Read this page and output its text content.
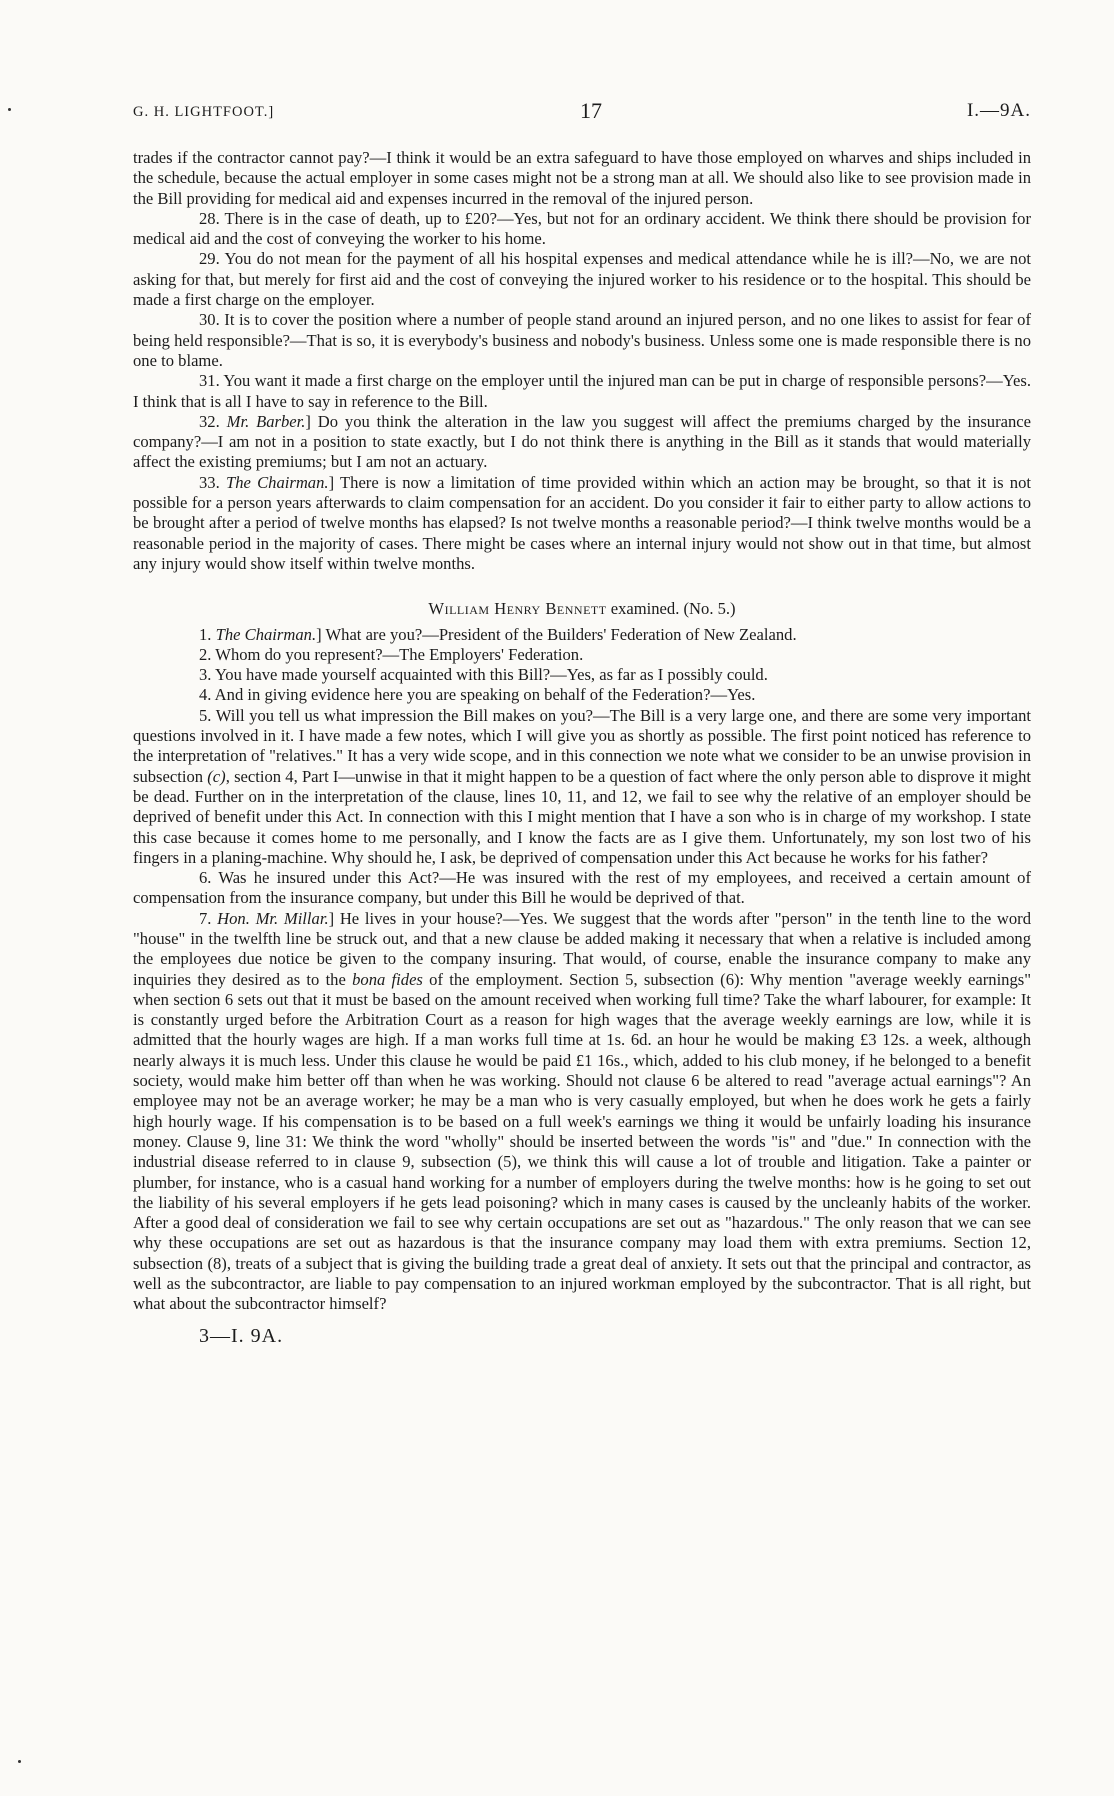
G. H. LIGHTFOOT.]	17	I.—9A.

trades if the contractor cannot pay?—I think it would be an extra safeguard to have those employed on wharves and ships included in the schedule, because the actual employer in some cases might not be a strong man at all. We should also like to see provision made in the Bill providing for medical aid and expenses incurred in the removal of the injured person.

28. There is in the case of death, up to £20?—Yes, but not for an ordinary accident. We think there should be provision for medical aid and the cost of conveying the worker to his home.

29. You do not mean for the payment of all his hospital expenses and medical attendance while he is ill?—No, we are not asking for that, but merely for first aid and the cost of conveying the injured worker to his residence or to the hospital. This should be made a first charge on the employer.

30. It is to cover the position where a number of people stand around an injured person, and no one likes to assist for fear of being held responsible?—That is so, it is everybody's business and nobody's business. Unless some one is made responsible there is no one to blame.

31. You want it made a first charge on the employer until the injured man can be put in charge of responsible persons?—Yes. I think that is all I have to say in reference to the Bill.

32. Mr. Barber.] Do you think the alteration in the law you suggest will affect the premiums charged by the insurance company?—I am not in a position to state exactly, but I do not think there is anything in the Bill as it stands that would materially affect the existing premiums; but I am not an actuary.

33. The Chairman.] There is now a limitation of time provided within which an action may be brought, so that it is not possible for a person years afterwards to claim compensation for an accident. Do you consider it fair to either party to allow actions to be brought after a period of twelve months has elapsed? Is not twelve months a reasonable period?—I think twelve months would be a reasonable period in the majority of cases. There might be cases where an internal injury would not show out in that time, but almost any injury would show itself within twelve months.

William Henry Bennett examined. (No. 5.)

1. The Chairman.] What are you?—President of the Builders' Federation of New Zealand.

2. Whom do you represent?—The Employers' Federation.

3. You have made yourself acquainted with this Bill?—Yes, as far as I possibly could.

4. And in giving evidence here you are speaking on behalf of the Federation?—Yes.

5. Will you tell us what impression the Bill makes on you?—The Bill is a very large one, and there are some very important questions involved in it. I have made a few notes, which I will give you as shortly as possible. The first point noticed has reference to the interpretation of "relatives." It has a very wide scope, and in this connection we note what we consider to be an unwise provision in subsection (c), section 4, Part I—unwise in that it might happen to be a question of fact where the only person able to disprove it might be dead. Further on in the interpretation of the clause, lines 10, 11, and 12, we fail to see why the relative of an employer should be deprived of benefit under this Act. In connection with this I might mention that I have a son who is in charge of my workshop. I state this case because it comes home to me personally, and I know the facts are as I give them. Unfortunately, my son lost two of his fingers in a planing-machine. Why should he, I ask, be deprived of compensation under this Act because he works for his father?

6. Was he insured under this Act?—He was insured with the rest of my employees, and received a certain amount of compensation from the insurance company, but under this Bill he would be deprived of that.

7. Hon. Mr. Millar.] He lives in your house?—Yes. We suggest that the words after "person" in the tenth line to the word "house" in the twelfth line be struck out, and that a new clause be added making it necessary that when a relative is included among the employees due notice be given to the company insuring. That would, of course, enable the insurance company to make any inquiries they desired as to the bona fides of the employment. Section 5, subsection (6): Why mention "average weekly earnings" when section 6 sets out that it must be based on the amount received when working full time? Take the wharf labourer, for example: It is constantly urged before the Arbitration Court as a reason for high wages that the average weekly earnings are low, while it is admitted that the hourly wages are high. If a man works full time at 1s. 6d. an hour he would be making £3 12s. a week, although nearly always it is much less. Under this clause he would be paid £1 16s., which, added to his club money, if he belonged to a benefit society, would make him better off than when he was working. Should not clause 6 be altered to read "average actual earnings"? An employee may not be an average worker; he may be a man who is very casually employed, but when he does work he gets a fairly high hourly wage. If his compensation is to be based on a full week's earnings we thing it would be unfairly loading his insurance money. Clause 9, line 31: We think the word "wholly" should be inserted between the words "is" and "due." In connection with the industrial disease referred to in clause 9, subsection (5), we think this will cause a lot of trouble and litigation. Take a painter or plumber, for instance, who is a casual hand working for a number of employers during the twelve months: how is he going to set out the liability of his several employers if he gets lead poisoning? which in many cases is caused by the uncleanly habits of the worker. After a good deal of consideration we fail to see why certain occupations are set out as "hazardous." The only reason that we can see why these occupations are set out as hazardous is that the insurance company may load them with extra premiums. Section 12, subsection (8), treats of a subject that is giving the building trade a great deal of anxiety. It sets out that the principal and contractor, as well as the subcontractor, are liable to pay compensation to an injured workman employed by the subcontractor. That is all right, but what about the subcontractor himself?

3—I. 9A.
